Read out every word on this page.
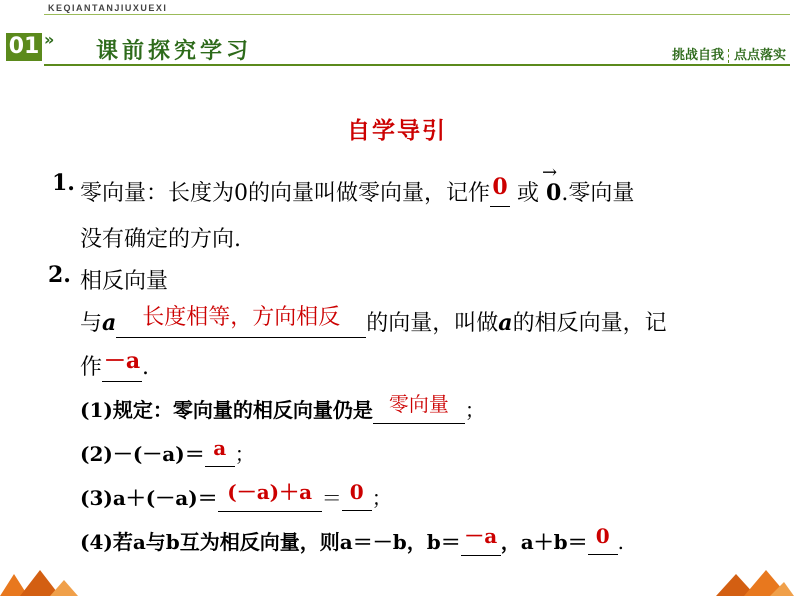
KEQIANTANJIUXUEXI
01 » 课前探究学习	挑战自我 点点落实
自学导引
1. 零向量：长度为0的向量叫做零向量，记作 0 或
→
0.零向量
没有确定的方向.
2. 相反向量
与a 长度相等，方向相反 的向量，叫做a的相反向量，记
作－a.
(1)规定：零向量的相反向量仍是 零向量 ；
(2)－(－a)＝ a ；
(3)a＋(－a)＝ (－a)＋a ＝ 0 ；
(4)若a与b互为相反向量，则a＝－b，b＝ －a ，a＋b＝ 0 .
